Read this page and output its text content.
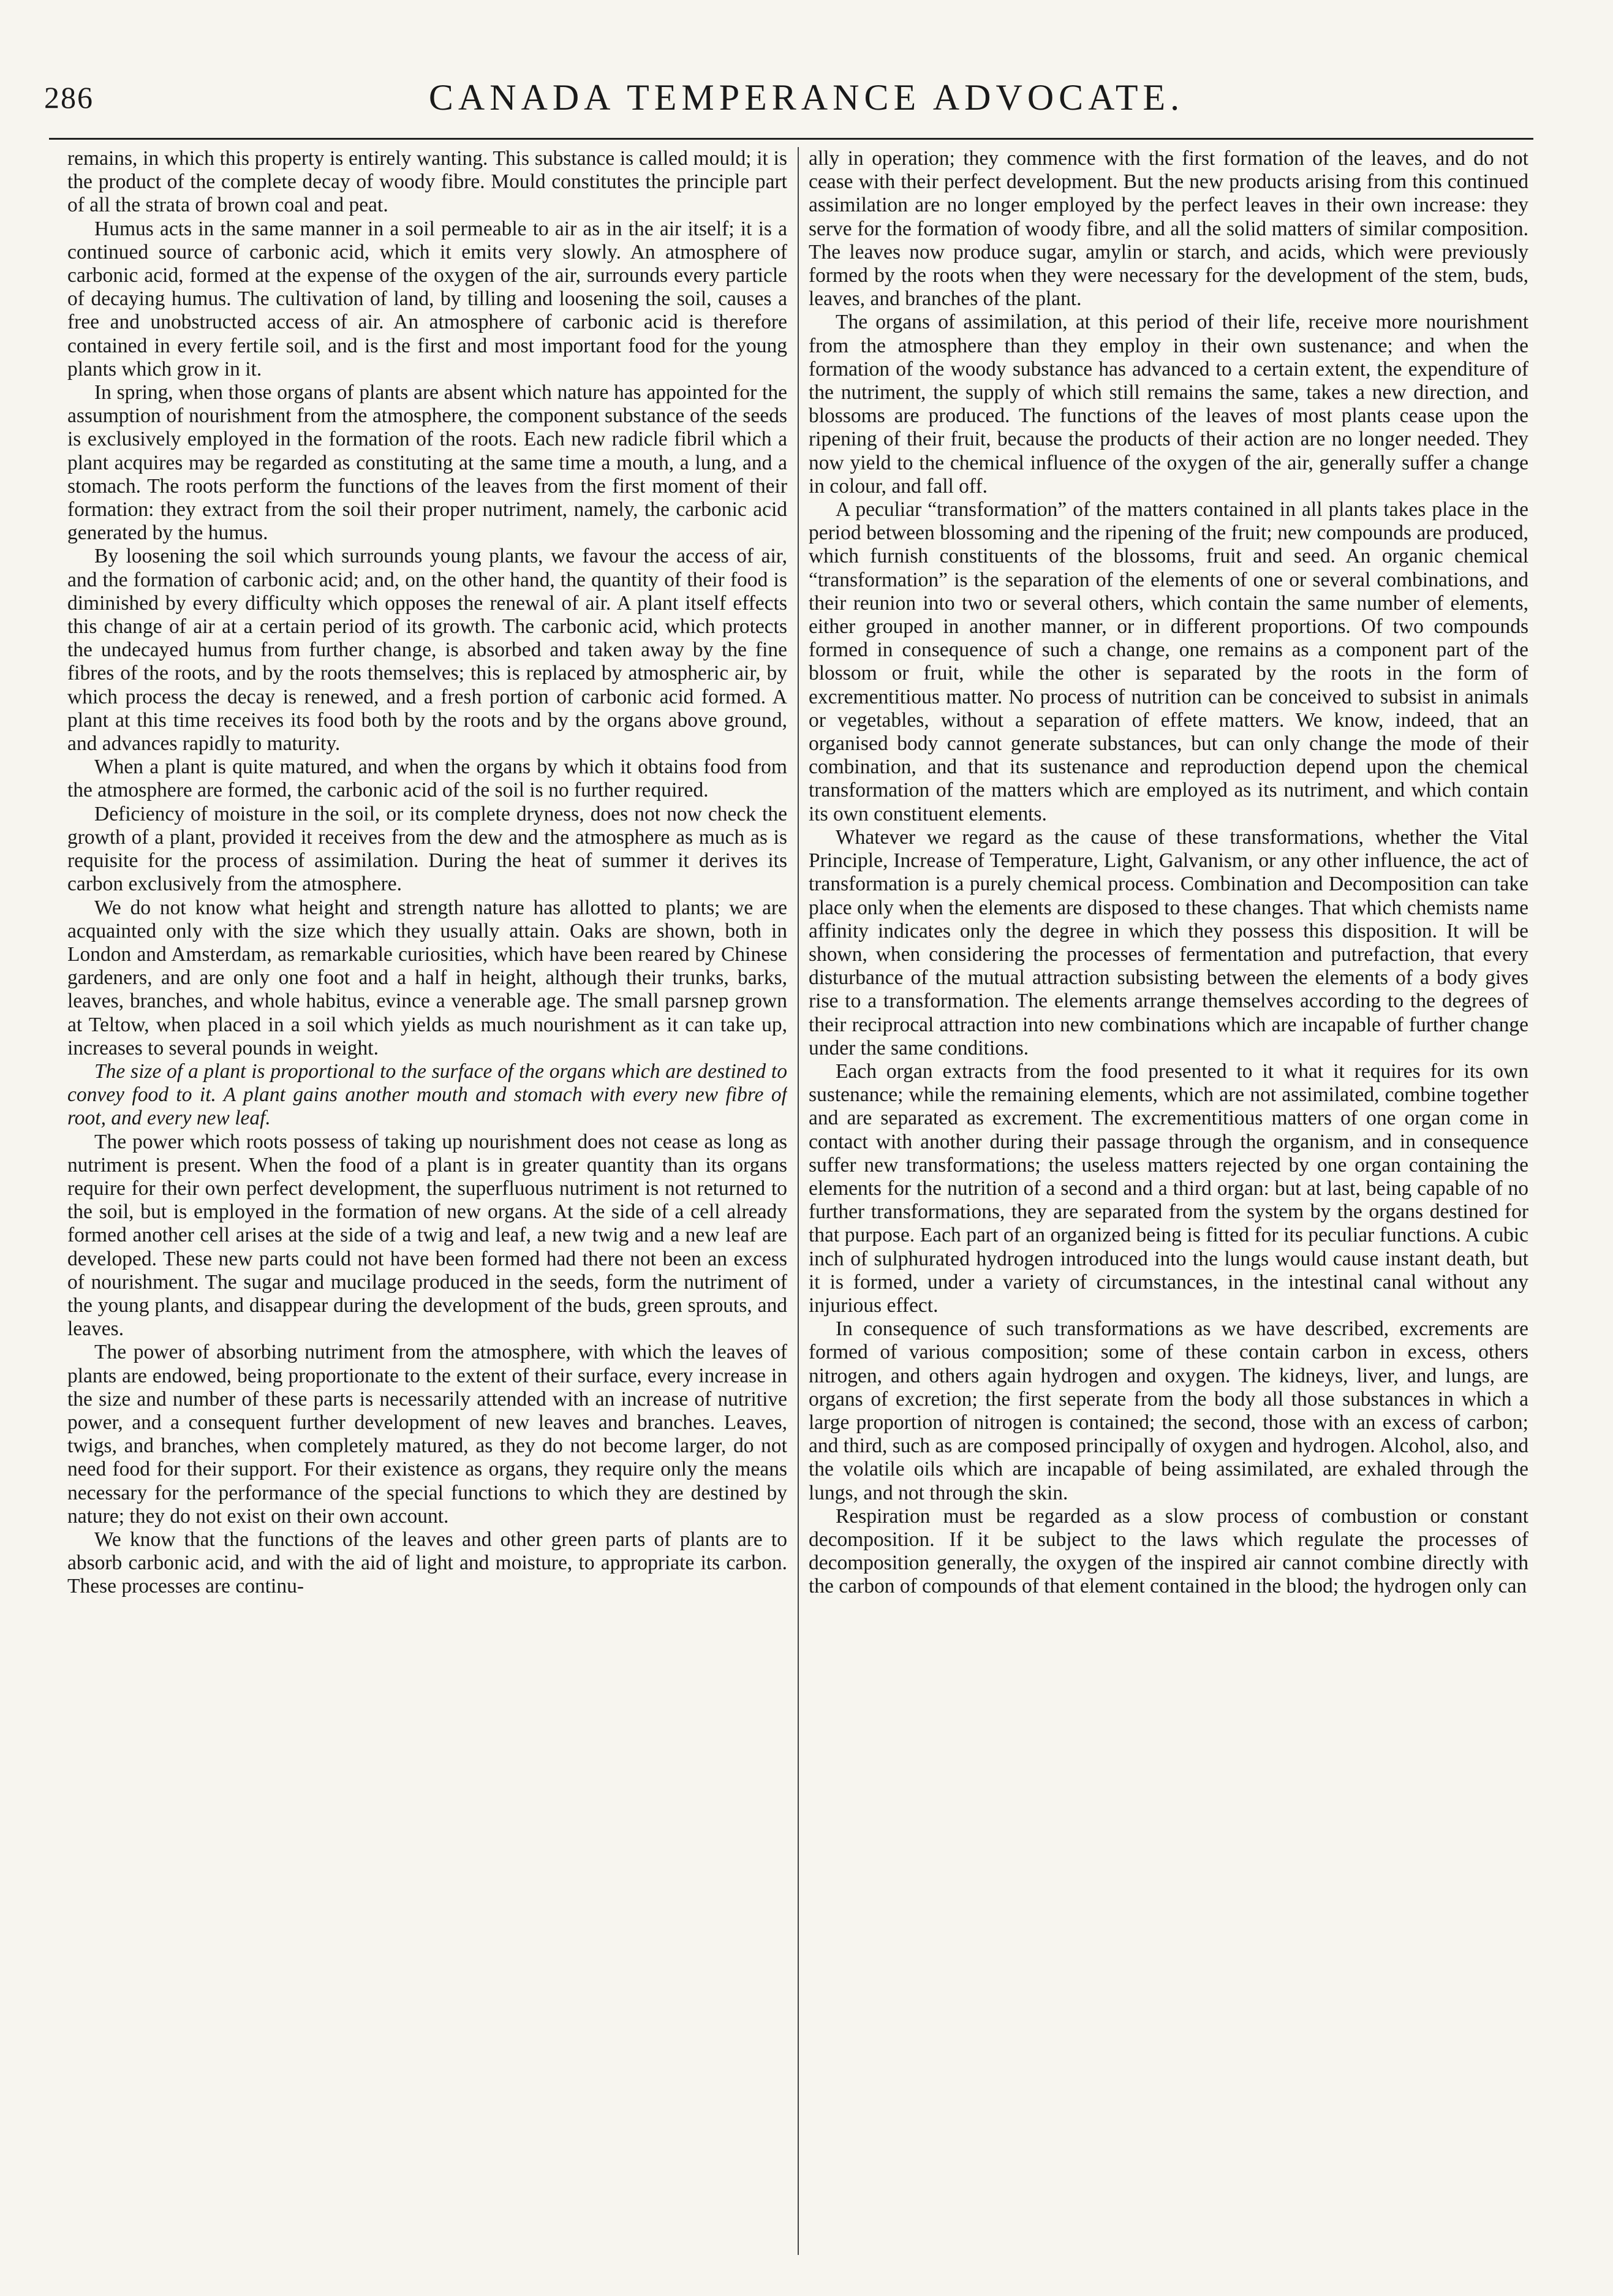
286	CANADA TEMPERANCE ADVOCATE.

remains, in which this property is entirely wanting. This substance is called mould; it is the product of the complete decay of woody fibre. Mould constitutes the principle part of all the strata of brown coal and peat.

Humus acts in the same manner in a soil permeable to air as in the air itself; it is a continued source of carbonic acid, which it emits very slowly. An atmosphere of carbonic acid, formed at the expense of the oxygen of the air, surrounds every particle of decaying humus. The cultivation of land, by tilling and loosening the soil, causes a free and unobstructed access of air. An atmosphere of carbonic acid is therefore contained in every fertile soil, and is the first and most important food for the young plants which grow in it.

In spring, when those organs of plants are absent which nature has appointed for the assumption of nourishment from the atmosphere, the component substance of the seeds is exclusively employed in the formation of the roots. Each new radicle fibril which a plant acquires may be regarded as constituting at the same time a mouth, a lung, and a stomach. The roots perform the functions of the leaves from the first moment of their formation: they extract from the soil their proper nutriment, namely, the carbonic acid generated by the humus.

By loosening the soil which surrounds young plants, we favour the access of air, and the formation of carbonic acid; and, on the other hand, the quantity of their food is diminished by every difficulty which opposes the renewal of air. A plant itself effects this change of air at a certain period of its growth. The carbonic acid, which protects the undecayed humus from further change, is absorbed and taken away by the fine fibres of the roots, and by the roots themselves; this is replaced by atmospheric air, by which process the decay is renewed, and a fresh portion of carbonic acid formed. A plant at this time receives its food both by the roots and by the organs above ground, and advances rapidly to maturity.

When a plant is quite matured, and when the organs by which it obtains food from the atmosphere are formed, the carbonic acid of the soil is no further required.

Deficiency of moisture in the soil, or its complete dryness, does not now check the growth of a plant, provided it receives from the dew and the atmosphere as much as is requisite for the process of assimilation. During the heat of summer it derives its carbon exclusively from the atmosphere.

We do not know what height and strength nature has allotted to plants; we are acquainted only with the size which they usually attain. Oaks are shown, both in London and Amsterdam, as remarkable curiosities, which have been reared by Chinese gardeners, and are only one foot and a half in height, although their trunks, barks, leaves, branches, and whole habitus, evince a venerable age. The small parsnep grown at Teltow, when placed in a soil which yields as much nourishment as it can take up, increases to several pounds in weight.

The size of a plant is proportional to the surface of the organs which are destined to convey food to it. A plant gains another mouth and stomach with every new fibre of root, and every new leaf.

The power which roots possess of taking up nourishment does not cease as long as nutriment is present. When the food of a plant is in greater quantity than its organs require for their own perfect development, the superfluous nutriment is not returned to the soil, but is employed in the formation of new organs. At the side of a cell already formed another cell arises at the side of a twig and leaf, a new twig and a new leaf are developed. These new parts could not have been formed had there not been an excess of nourishment. The sugar and mucilage produced in the seeds, form the nutriment of the young plants, and disappear during the development of the buds, green sprouts, and leaves.

The power of absorbing nutriment from the atmosphere, with which the leaves of plants are endowed, being proportionate to the extent of their surface, every increase in the size and number of these parts is necessarily attended with an increase of nutritive power, and a consequent further development of new leaves and branches. Leaves, twigs, and branches, when completely matured, as they do not become larger, do not need food for their support. For their existence as organs, they require only the means necessary for the performance of the special functions to which they are destined by nature; they do not exist on their own account.

We know that the functions of the leaves and other green parts of plants are to absorb carbonic acid, and with the aid of light and moisture, to appropriate its carbon. These processes are continu-

ally in operation; they commence with the first formation of the leaves, and do not cease with their perfect development. But the new products arising from this continued assimilation are no longer employed by the perfect leaves in their own increase: they serve for the formation of woody fibre, and all the solid matters of similar composition. The leaves now produce sugar, amylin or starch, and acids, which were previously formed by the roots when they were necessary for the development of the stem, buds, leaves, and branches of the plant.

The organs of assimilation, at this period of their life, receive more nourishment from the atmosphere than they employ in their own sustenance; and when the formation of the woody substance has advanced to a certain extent, the expenditure of the nutriment, the supply of which still remains the same, takes a new direction, and blossoms are produced. The functions of the leaves of most plants cease upon the ripening of their fruit, because the products of their action are no longer needed. They now yield to the chemical influence of the oxygen of the air, generally suffer a change in colour, and fall off.

A peculiar “transformation” of the matters contained in all plants takes place in the period between blossoming and the ripening of the fruit; new compounds are produced, which furnish constituents of the blossoms, fruit and seed. An organic chemical “transformation” is the separation of the elements of one or several combinations, and their reunion into two or several others, which contain the same number of elements, either grouped in another manner, or in different proportions. Of two compounds formed in consequence of such a change, one remains as a component part of the blossom or fruit, while the other is separated by the roots in the form of excrementitious matter. No process of nutrition can be conceived to subsist in animals or vegetables, without a separation of effete matters. We know, indeed, that an organised body cannot generate substances, but can only change the mode of their combination, and that its sustenance and reproduction depend upon the chemical transformation of the matters which are employed as its nutriment, and which contain its own constituent elements.

Whatever we regard as the cause of these transformations, whether the Vital Principle, Increase of Temperature, Light, Galvanism, or any other influence, the act of transformation is a purely chemical process. Combination and Decomposition can take place only when the elements are disposed to these changes. That which chemists name affinity indicates only the degree in which they possess this disposition. It will be shown, when considering the processes of fermentation and putrefaction, that every disturbance of the mutual attraction subsisting between the elements of a body gives rise to a transformation. The elements arrange themselves according to the degrees of their reciprocal attraction into new combinations which are incapable of further change under the same conditions.

Each organ extracts from the food presented to it what it requires for its own sustenance; while the remaining elements, which are not assimilated, combine together and are separated as excrement. The excrementitious matters of one organ come in contact with another during their passage through the organism, and in consequence suffer new transformations; the useless matters rejected by one organ containing the elements for the nutrition of a second and a third organ: but at last, being capable of no further transformations, they are separated from the system by the organs destined for that purpose. Each part of an organized being is fitted for its peculiar functions. A cubic inch of sulphurated hydrogen introduced into the lungs would cause instant death, but it is formed, under a variety of circumstances, in the intestinal canal without any injurious effect.

In consequence of such transformations as we have described, excrements are formed of various composition; some of these contain carbon in excess, others nitrogen, and others again hydrogen and oxygen. The kidneys, liver, and lungs, are organs of excretion; the first seperate from the body all those substances in which a large proportion of nitrogen is contained; the second, those with an excess of carbon; and third, such as are composed principally of oxygen and hydrogen. Alcohol, also, and the volatile oils which are incapable of being assimilated, are exhaled through the lungs, and not through the skin.

Respiration must be regarded as a slow process of combustion or constant decomposition. If it be subject to the laws which regulate the processes of decomposition generally, the oxygen of the inspired air cannot combine directly with the carbon of compounds of that element contained in the blood; the hydrogen only can
